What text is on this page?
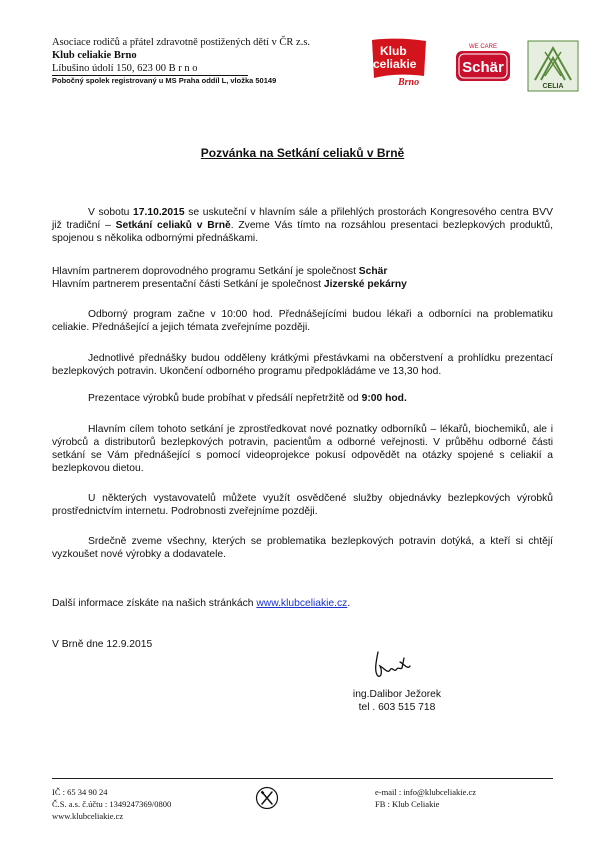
Asociace rodičů a přátel zdravotně postižených dětí v ČR z.s.
Klub celiakie Brno
Líbušino údolí 150, 623 00 B r n o
Pobočný spolek registrovaný u MS Praha oddíl L, vložka 50149
Klub
celiakie
Brno
WE CARE
Schär
CELIA
Pozvánka na Setkání celiaků v Brně
V sobotu 17.10.2015 se uskuteční v hlavním sále a přilehlých prostorách Kongresového centra BVV již tradiční – Setkání celiaků v Brně. Zveme Vás tímto na rozsáhlou presentaci bezlepkových produktů, spojenou s několika odbornými přednáškami.
Hlavním partnerem doprovodného programu Setkání je společnost Schär
Hlavním partnerem presentační části Setkání je společnost Jizerské pekárny
Odborný program začne v 10:00 hod. Přednášejícími budou lékaři a odborníci na problematiku celiakie. Přednášející a jejich témata zveřejníme později.
Jednotlivé přednášky budou odděleny krátkými přestávkami na občerstvení a prohlídku prezentací bezlepkových potravin. Ukončení odborného programu předpokládáme ve 13,30 hod.
Prezentace výrobků bude probíhat v předsálí nepřetržitě od 9:00 hod.
Hlavním cílem tohoto setkání je zprostředkovat nové poznatky odborníků – lékařů, biochemiků, ale i výrobců a distributorů bezlepkových potravin, pacientům a odborné veřejnosti. V průběhu odborné části setkání se Vám přednášející s pomocí videoprojekce pokusí odpovědět na otázky spojené s celiakií a bezlepkovou dietou.
U některých vystavovatelů můžete využít osvědčené služby objednávky bezlepkových výrobků prostřednictvím internetu. Podrobnosti zveřejníme později.
Srdečně zveme všechny, kterých se problematika bezlepkových potravin dotýká, a kteří si chtějí vyzkoušet nové výrobky a dodavatele.
Další informace získáte na našich stránkách www.klubceliakie.cz.
V Brně dne 12.9.2015
ing.Dalibor Ježorek
tel . 603 515 718
IČ : 65 34 90 24
Č.S. a.s. č.účtu : 1349247369/0800
www.klubceliakie.cz
e-mail : info@klubceliakie.cz
FB : Klub Celiakie
